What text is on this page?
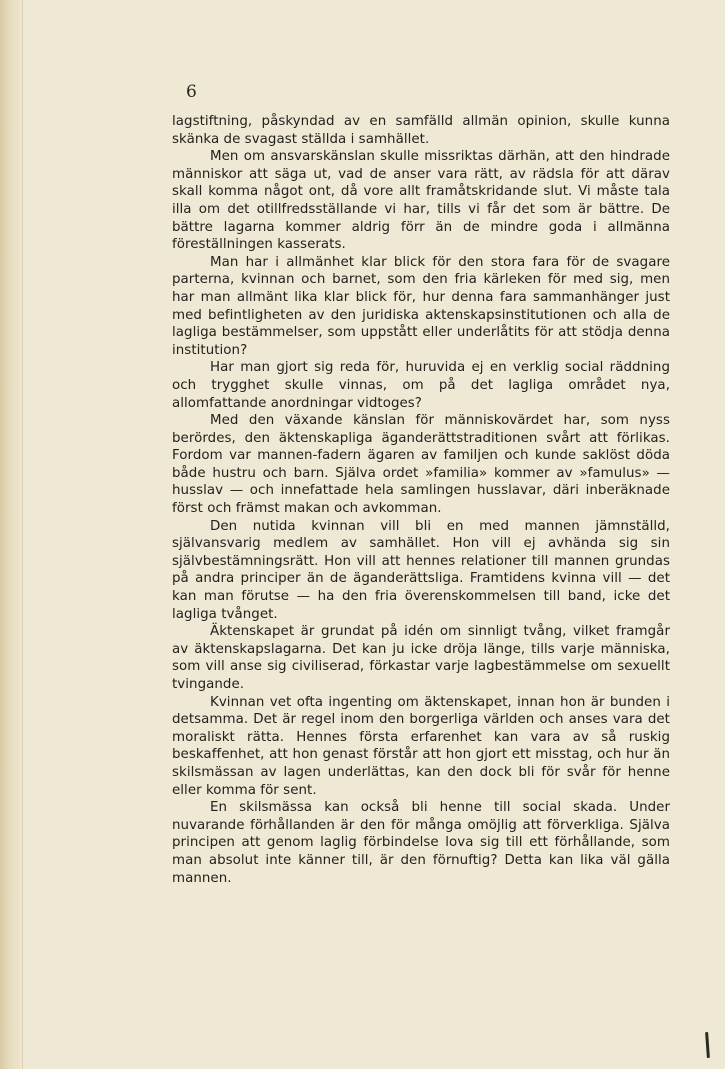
6

lagstiftning, påskyndad av en samfälld allmän opinion, skulle kunna skänka de svagast ställda i samhället.

Men om ansvarskänslan skulle missriktas därhän, att den hindrade människor att säga ut, vad de anser vara rätt, av rädsla för att därav skall komma något ont, då vore allt framåtskridande slut. Vi måste tala illa om det otillfredsställande vi har, tills vi får det som är bättre. De bättre lagarna kommer aldrig förr än de mindre goda i allmänna föreställningen kasserats.

Man har i allmänhet klar blick för den stora fara för de svagare parterna, kvinnan och barnet, som den fria kärleken för med sig, men har man allmänt lika klar blick för, hur denna fara sammanhänger just med befintligheten av den juridiska aktenskapsinstitutionen och alla de lagliga bestämmelser, som uppstått eller underlåtits för att stödja denna institution?

Har man gjort sig reda för, huruvida ej en verklig social räddning och trygghet skulle vinnas, om på det lagliga området nya, allomfattande anordningar vidtoges?

Med den växande känslan för människovärdet har, som nyss berördes, den äktenskapliga äganderättstraditionen svårt att förlikas. Fordom var mannen-fadern ägaren av familjen och kunde saklöst döda både hustru och barn. Själva ordet »familia» kommer av »famulus» — husslav — och innefattade hela samlingen husslavar, däri inberäknade först och främst makan och avkomman.

Den nutida kvinnan vill bli en med mannen jämnställd, självansvarig medlem av samhället. Hon vill ej avhända sig sin självbestämningsrätt. Hon vill att hennes relationer till mannen grundas på andra principer än de äganderättsliga. Framtidens kvinna vill — det kan man förutse — ha den fria överenskommelsen till band, icke det lagliga tvånget.

Äktenskapet är grundat på idén om sinnligt tvång, vilket framgår av äktenskapslagarna. Det kan ju icke dröja länge, tills varje människa, som vill anse sig civiliserad, förkastar varje lagbestämmelse om sexuellt tvingande.

Kvinnan vet ofta ingenting om äktenskapet, innan hon är bunden i detsamma. Det är regel inom den borgerliga världen och anses vara det moraliskt rätta. Hennes första erfarenhet kan vara av så ruskig beskaffenhet, att hon genast förstår att hon gjort ett misstag, och hur än skilsmässan av lagen underlättas, kan den dock bli för svår för henne eller komma för sent.

En skilsmässa kan också bli henne till social skada. Under nuvarande förhållanden är den för många omöjlig att förverkliga. Själva principen att genom laglig förbindelse lova sig till ett förhållande, som man absolut inte känner till, är den förnuftig? Detta kan lika väl gälla mannen.
